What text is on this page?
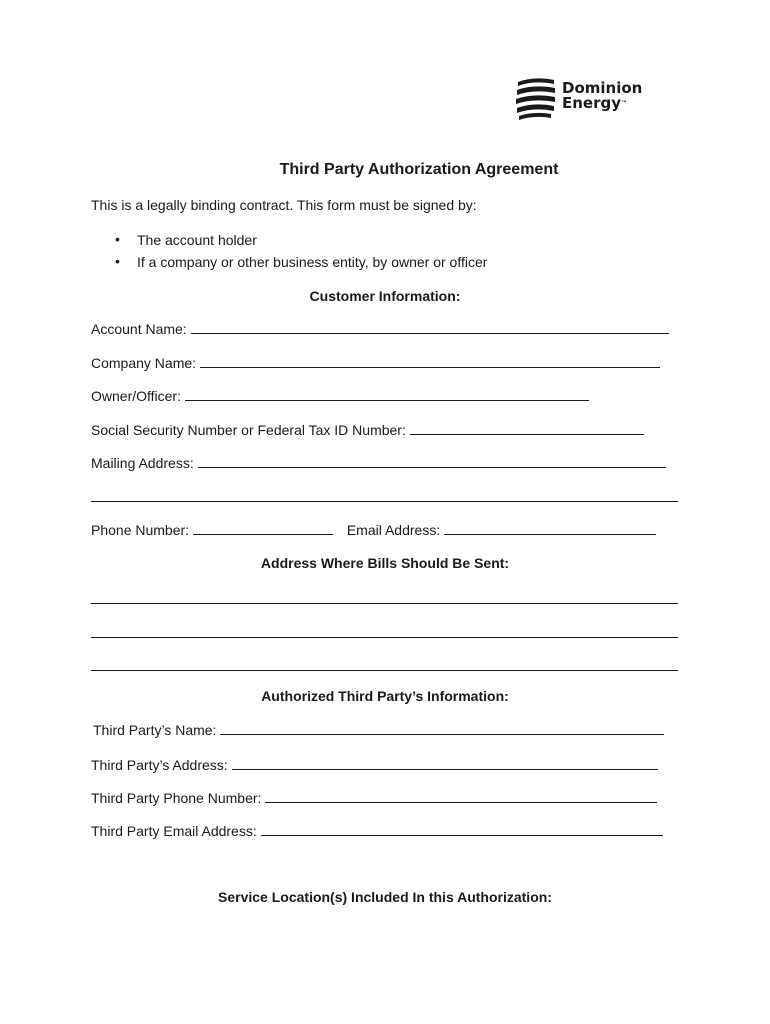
Dominion
Energy™
Third Party Authorization Agreement
This is a legally binding contract. This form must be signed by:
• The account holder
• If a company or other business entity, by owner or officer
Customer Information:
Account Name:
Company Name:
Owner/Officer:
Social Security Number or Federal Tax ID Number:
Mailing Address:
Phone Number:	Email Address:
Address Where Bills Should Be Sent:
Authorized Third Party’s Information:
Third Party’s Name:
Third Party’s Address:
Third Party Phone Number:
Third Party Email Address:
Service Location(s) Included In this Authorization:
